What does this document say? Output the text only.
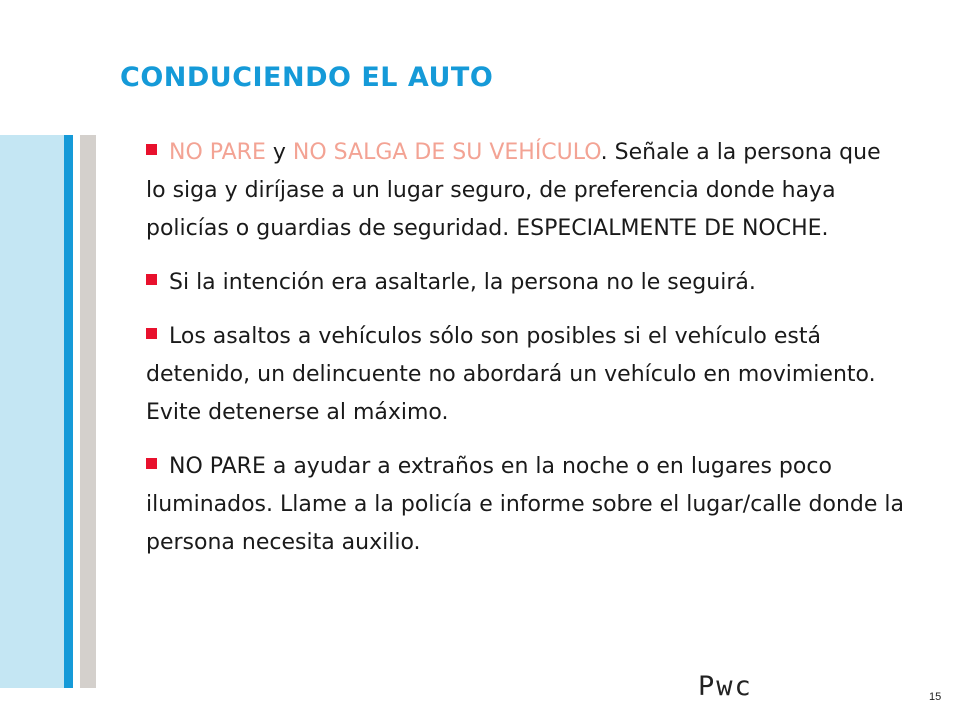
CONDUCIENDO EL AUTO
NO PARE y NO SALGA DE SU VEHÍCULO. Señale a la persona que lo siga y diríjase a un lugar seguro, de preferencia donde haya policías o guardias de seguridad. ESPECIALMENTE DE NOCHE.
Si la intención era asaltarle, la persona no le seguirá.
Los asaltos a vehículos sólo son posibles si el vehículo está detenido, un delincuente no abordará un vehículo en movimiento. Evite detenerse al máximo.
NO PARE a ayudar a extraños en la noche o en lugares poco iluminados. Llame a la policía e informe sobre el lugar/calle donde la persona necesita auxilio.
Pwc	15
